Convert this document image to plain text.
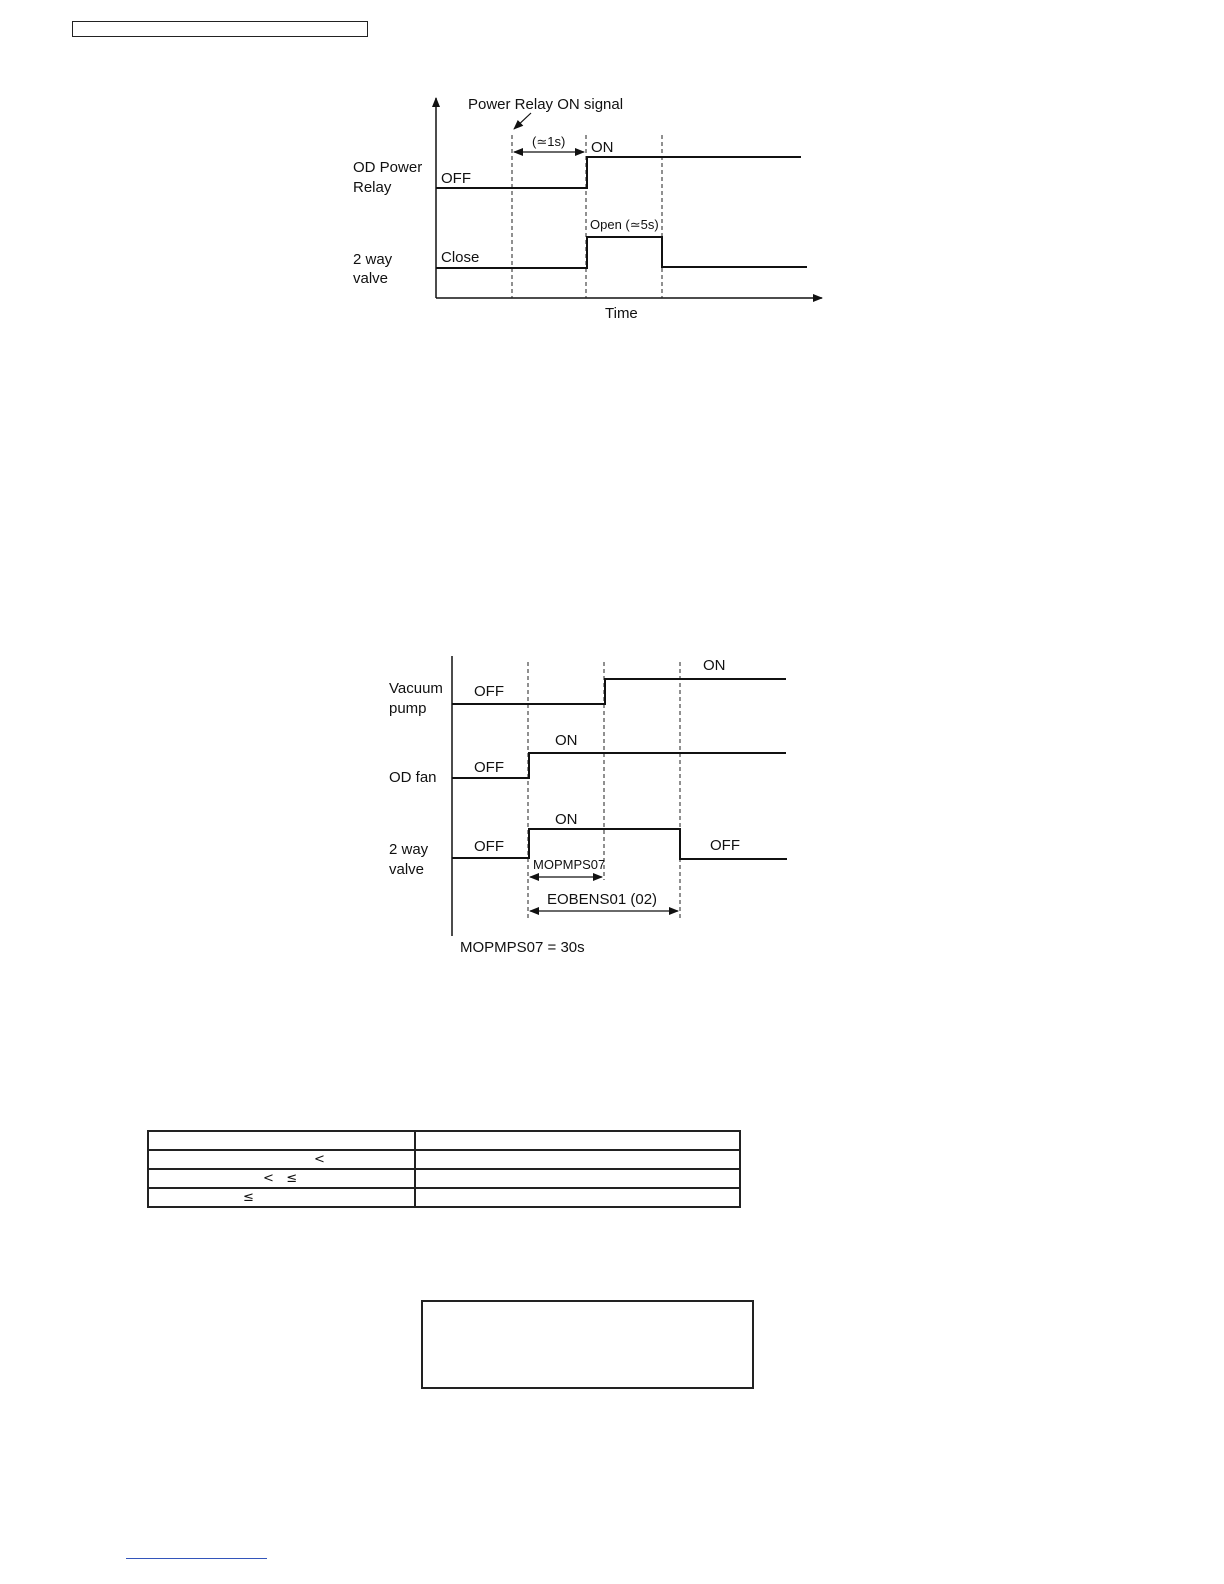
Power Relay ON signal
(≃1s) ON
OD Power
Relay
OFF
Open (≃5s)
Close
2 way
valve
Time
ON
Vacuum
pump
OFF
ON
OFF
OD fan
ON
OFF	OFF
2 way
valve	MOPMPS07
EOBENS01 (02)
MOPMPS07 = 30s

<	

<   ≤	

≤	
